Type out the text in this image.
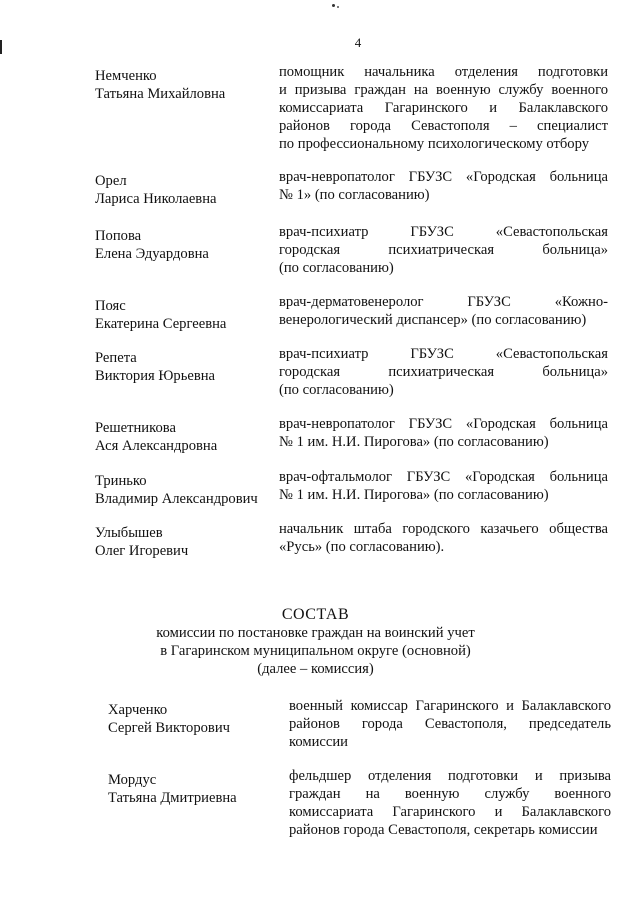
4
Немченко
Татьяна Михайловна
помощник начальника отделения подготовки
и призыва граждан на военную службу военного
комиссариата Гагаринского и Балаклавского
районов города Севастополя – специалист
по профессиональному психологическому отбору
Орел
Лариса Николаевна
врач-невропатолог ГБУЗС «Городская больница
№ 1» (по согласованию)
Попова
Елена Эдуардовна
врач-психиатр ГБУЗС «Севастопольская
городская психиатрическая больница»
(по согласованию)
Пояс
Екатерина Сергеевна
врач-дерматовенеролог ГБУЗС «Кожно-
венерологический диспансер» (по согласованию)
Репета
Виктория Юрьевна
врач-психиатр ГБУЗС «Севастопольская
городская психиатрическая больница»
(по согласованию)
Решетникова
Ася Александровна
врач-невропатолог ГБУЗС «Городская больница
№ 1 им. Н.И. Пирогова» (по согласованию)
Тринько
Владимир Александрович
врач-офтальмолог ГБУЗС «Городская больница
№ 1 им. Н.И. Пирогова» (по согласованию)
Улыбышев
Олег Игоревич
начальник штаба городского казачьего общества
«Русь» (по согласованию).
СОСТАВ
комиссии по постановке граждан на воинский учет
в Гагаринском муниципальном округе (основной)
(далее – комиссия)
Харченко
Сергей Викторович
военный комиссар Гагаринского и Балаклавского
районов города Севастополя, председатель
комиссии
Мордус
Татьяна Дмитриевна
фельдшер отделения подготовки и призыва
граждан на военную службу военного
комиссариата Гагаринского и Балаклавского
районов города Севастополя, секретарь комиссии
